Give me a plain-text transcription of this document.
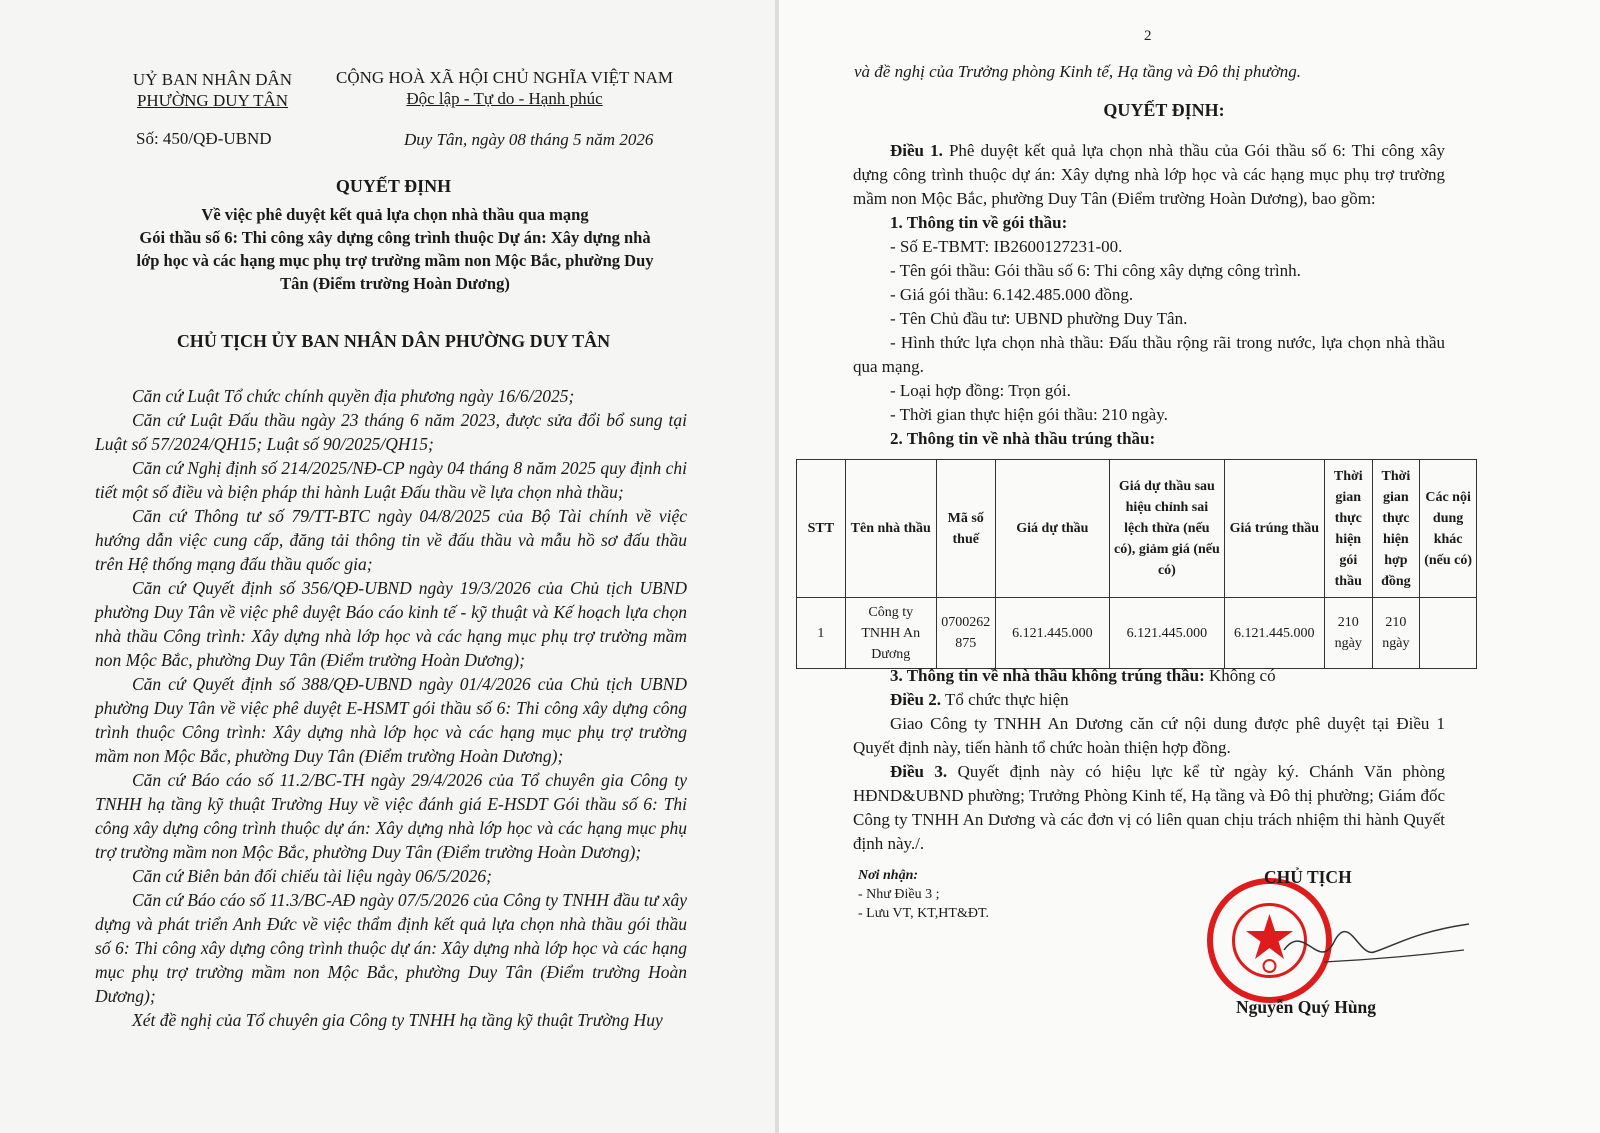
UỶ BAN NHÂN DÂN
PHƯỜNG DUY TÂN
Số: 450/QĐ-UBND
CỘNG HOÀ XÃ HỘI CHỦ NGHĨA VIỆT NAM
Độc lập - Tự do - Hạnh phúc
Duy Tân, ngày 08 tháng 5 năm 2026
QUYẾT ĐỊNH
Về việc phê duyệt kết quả lựa chọn nhà thầu qua mạng
Gói thầu số 6: Thi công xây dựng công trình thuộc Dự án: Xây dựng nhà
lớp học và các hạng mục phụ trợ trường mầm non Mộc Bắc, phường Duy
Tân (Điểm trường Hoàn Dương)
CHỦ TỊCH ỦY BAN NHÂN DÂN PHƯỜNG DUY TÂN

Căn cứ Luật Tổ chức chính quyền địa phương ngày 16/6/2025;

Căn cứ Luật Đấu thầu ngày 23 tháng 6 năm 2023, được sửa đổi bổ sung tại Luật số 57/2024/QH15; Luật số 90/2025/QH15;

Căn cứ Nghị định số 214/2025/NĐ-CP ngày 04 tháng 8 năm 2025 quy định chi tiết một số điều và biện pháp thi hành Luật Đấu thầu về lựa chọn nhà thầu;

Căn cứ Thông tư số 79/TT-BTC ngày 04/8/2025 của Bộ Tài chính về việc hướng dẫn việc cung cấp, đăng tải thông tin về đấu thầu và mẫu hồ sơ đấu thầu trên Hệ thống mạng đấu thầu quốc gia;

Căn cứ Quyết định số 356/QĐ-UBND ngày 19/3/2026 của Chủ tịch UBND phường Duy Tân về việc phê duyệt Báo cáo kinh tế - kỹ thuật và Kế hoạch lựa chọn nhà thầu Công trình: Xây dựng nhà lớp học và các hạng mục phụ trợ trường mầm non Mộc Bắc, phường Duy Tân (Điểm trường Hoàn Dương);

Căn cứ Quyết định số 388/QĐ-UBND ngày 01/4/2026 của Chủ tịch UBND phường Duy Tân về việc phê duyệt E-HSMT gói thầu số 6: Thi công xây dựng công trình thuộc Công trình: Xây dựng nhà lớp học và các hạng mục phụ trợ trường mầm non Mộc Bắc, phường Duy Tân (Điểm trường Hoàn Dương);

Căn cứ Báo cáo số 11.2/BC-TH ngày 29/4/2026 của Tổ chuyên gia Công ty TNHH hạ tầng kỹ thuật Trường Huy về việc đánh giá E-HSDT Gói thầu số 6: Thi công xây dựng công trình thuộc dự án: Xây dựng nhà lớp học và các hạng mục phụ trợ trường mầm non Mộc Bắc, phường Duy Tân (Điểm trường Hoàn Dương);

Căn cứ Biên bản đối chiếu tài liệu ngày 06/5/2026;

Căn cứ Báo cáo số 11.3/BC-AĐ ngày 07/5/2026 của Công ty TNHH đầu tư xây dựng và phát triển Anh Đức về việc thẩm định kết quả lựa chọn nhà thầu gói thầu số 6: Thi công xây dựng công trình thuộc dự án: Xây dựng nhà lớp học và các hạng mục phụ trợ trường mầm non Mộc Bắc, phường Duy Tân (Điểm trường Hoàn Dương);

Xét đề nghị của Tổ chuyên gia Công ty TNHH hạ tầng kỹ thuật Trường Huy

2
và đề nghị của Trưởng phòng Kinh tế, Hạ tầng và Đô thị phường.
QUYẾT ĐỊNH:

Điều 1. Phê duyệt kết quả lựa chọn nhà thầu của Gói thầu số 6: Thi công xây dựng công trình thuộc dự án: Xây dựng nhà lớp học và các hạng mục phụ trợ trường mầm non Mộc Bắc, phường Duy Tân (Điểm trường Hoàn Dương), bao gồm:

1. Thông tin về gói thầu:

- Số E-TBMT: IB2600127231-00.

- Tên gói thầu: Gói thầu số 6: Thi công xây dựng công trình.

- Giá gói thầu: 6.142.485.000 đồng.

- Tên Chủ đầu tư: UBND phường Duy Tân.

- Hình thức lựa chọn nhà thầu: Đấu thầu rộng rãi trong nước, lựa chọn nhà thầu qua mạng.

- Loại hợp đồng: Trọn gói.

- Thời gian thực hiện gói thầu: 210 ngày.

2. Thông tin về nhà thầu trúng thầu:

STT	Tên nhà thầu	Mã số thuế	Giá dự thầu	Giá dự thầu sau hiệu chỉnh sai lệch thừa (nếu có), giảm giá (nếu có)	Giá trúng thầu	Thời gian thực hiện gói thầu	Thời gian thực hiện hợp đồng	Các nội dung khác (nếu có)
1	Công ty TNHH An Dương	0700262875	6.121.445.000	6.121.445.000	6.121.445.000	210 ngày	210 ngày	

3. Thông tin về nhà thầu không trúng thầu: Không có

Điều 2. Tổ chức thực hiện

Giao Công ty TNHH An Dương căn cứ nội dung được phê duyệt tại Điều 1 Quyết định này, tiến hành tổ chức hoàn thiện hợp đồng.

Điều 3. Quyết định này có hiệu lực kể từ ngày ký. Chánh Văn phòng HĐND&UBND phường; Trưởng Phòng Kinh tế, Hạ tầng và Đô thị phường; Giám đốc Công ty TNHH An Dương và các đơn vị có liên quan chịu trách nhiệm thi hành Quyết định này./.

Nơi nhận:
- Như Điều 3 ;
- Lưu VT, KT,HT&ĐT.
CHỦ TỊCH
Nguyễn Quý Hùng
